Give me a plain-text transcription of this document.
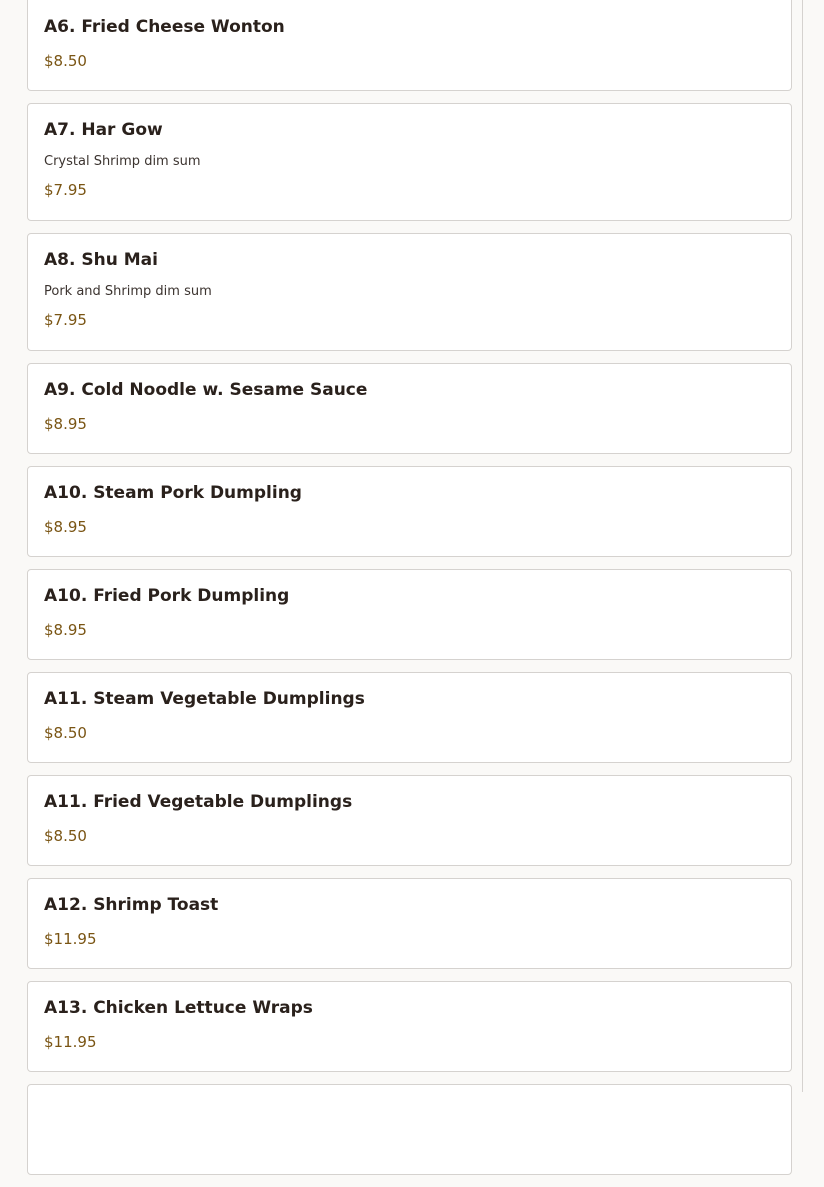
A6. Fried Cheese Wonton
$8.50
A7. Har Gow
Crystal Shrimp dim sum
$7.95
A8. Shu Mai
Pork and Shrimp dim sum
$7.95
A9. Cold Noodle w. Sesame Sauce
$8.95
A10. Steam Pork Dumpling
$8.95
A10. Fried Pork Dumpling
$8.95
A11. Steam Vegetable Dumplings
$8.50
A11. Fried Vegetable Dumplings
$8.50
A12. Shrimp Toast
$11.95
A13. Chicken Lettuce Wraps
$11.95
